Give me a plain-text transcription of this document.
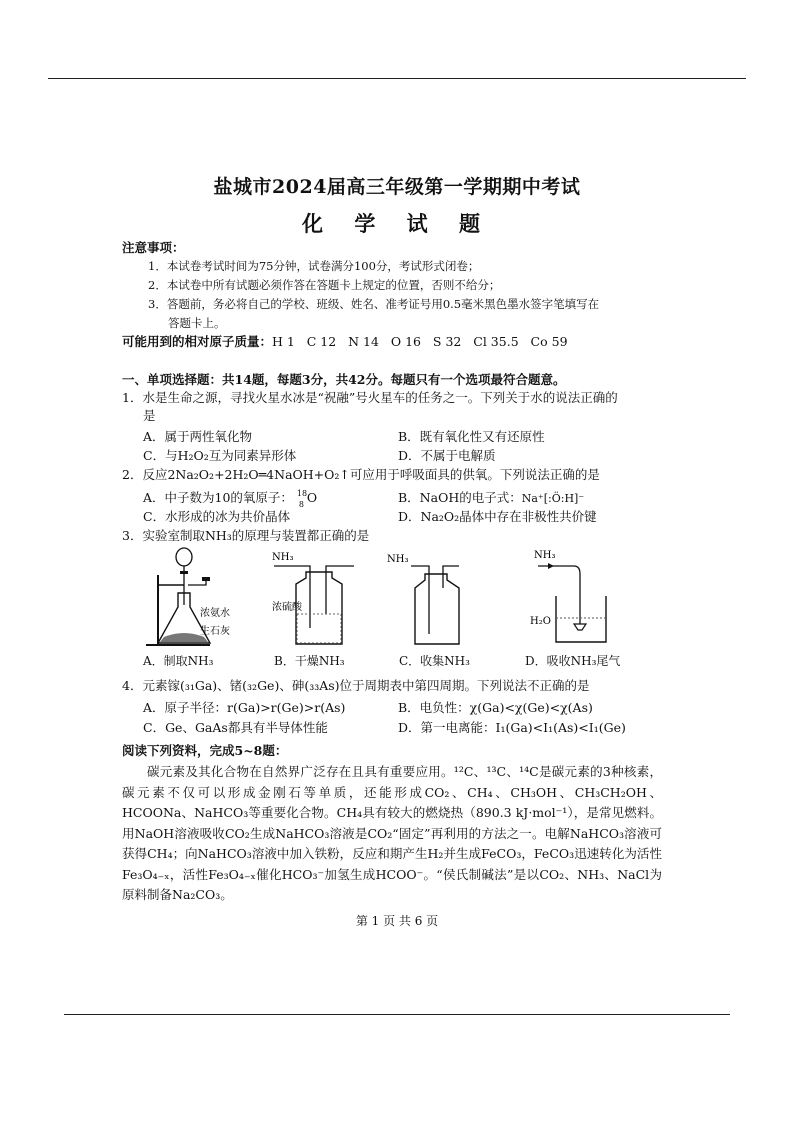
盐城市2024届高三年级第一学期期中考试
化 学 试 题
注意事项：
1．本试卷考试时间为75分钟，试卷满分100分，考试形式闭卷；
2．本试卷中所有试题必须作答在答题卡上规定的位置，否则不给分；
3．答题前，务必将自己的学校、班级、姓名、准考证号用0.5毫米黑色墨水签字笔填写在
答题卡上。
可能用到的相对原子质量：H 1   C 12   N 14   O 16   S 32   Cl 35.5   Co 59
一、单项选择题：共14题，每题3分，共42分。每题只有一个选项最符合题意。
1．水是生命之源，寻找火星水冰是“祝融”号火星车的任务之一。下列关于水的说法正确的
是
A．属于两性氧化物	B．既有氧化性又有还原性
C．与H₂O₂互为同素异形体	D．不属于电解质
2．反应2Na₂O₂+2H₂O═4NaOH+O₂↑可应用于呼吸面具的供氧。下列说法正确的是
A．中子数为10的氧原子： 18
8 O	B．NaOH的电子式：Na⁺[:Ö:H]⁻
C．水形成的冰为共价晶体	D．Na₂O₂晶体中存在非极性共价键
3．实验室制取NH₃的原理与装置都正确的是
浓氨水
生石灰
NH₃
浓硫酸
NH₃	NH₃
H₂O
A．制取NH₃	B．干燥NH₃	C．收集NH₃	D．吸收NH₃尾气
4．元素镓(₃₁Ga)、锗(₃₂Ge)、砷(₃₃As)位于周期表中第四周期。下列说法不正确的是
A．原子半径：r(Ga)>r(Ge)>r(As)	B．电负性：χ(Ga)<χ(Ge)<χ(As)
C．Ge、GaAs都具有半导体性能	D．第一电离能：I₁(Ga)<I₁(As)<I₁(Ge)
阅读下列资料，完成5~8题：
碳元素及其化合物在自然界广泛存在且具有重要应用。¹²C、¹³C、¹⁴C是碳元素的3种核素，碳元素不仅可以形成金刚石等单质，还能形成CO₂、CH₄、CH₃OH、CH₃CH₂OH、HCOONa、NaHCO₃等重要化合物。CH₄具有较大的燃烧热（890.3 kJ·mol⁻¹），是常见燃料。用NaOH溶液吸收CO₂生成NaHCO₃溶液是CO₂“固定”再利用的方法之一。电解NaHCO₃溶液可获得CH₄；向NaHCO₃溶液中加入铁粉，反应和期产生H₂并生成FeCO₃，FeCO₃迅速转化为活性Fe₃O₄₋ₓ，活性Fe₃O₄₋ₓ催化HCO₃⁻加氢生成HCOO⁻。“侯氏制碱法”是以CO₂、NH₃、NaCl为原料制备Na₂CO₃。
第 1 页 共 6 页
